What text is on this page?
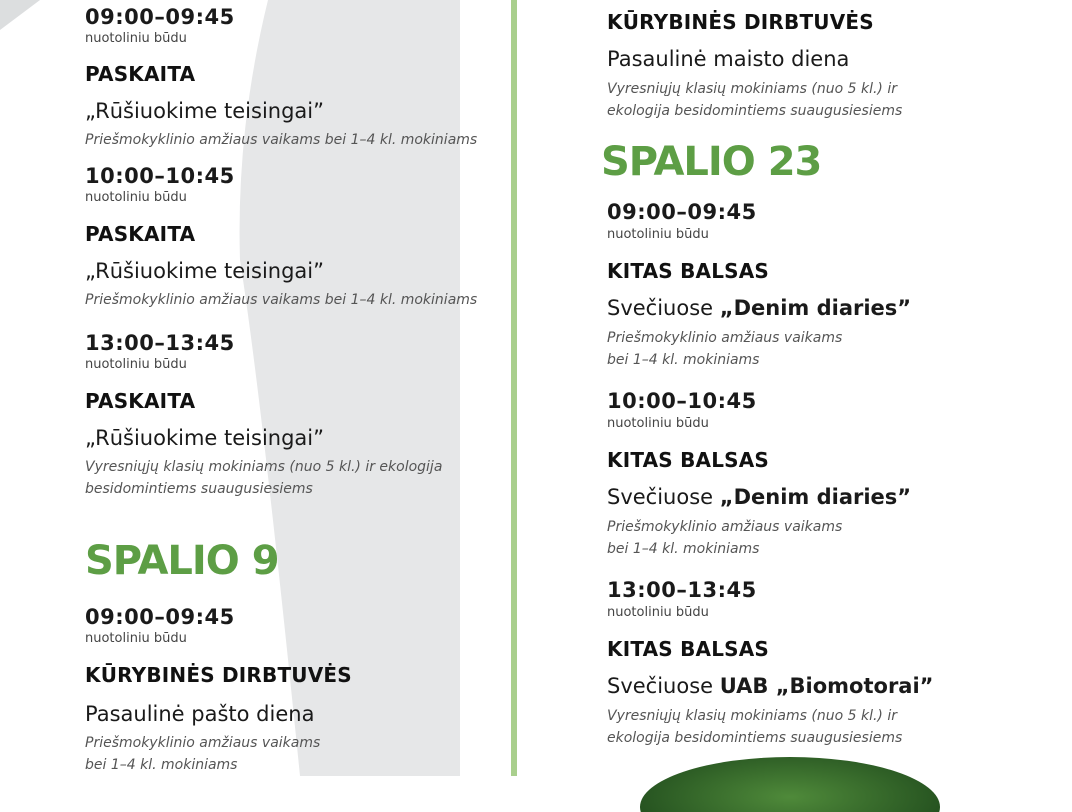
09:00–09:45

nuotoliniu būdu

PASKAITA

„Rūšiuokime teisingai”

Priešmokyklinio amžiaus vaikams bei 1–4 kl. mokiniams

10:00–10:45

nuotoliniu būdu

PASKAITA

„Rūšiuokime teisingai”

Priešmokyklinio amžiaus vaikams bei 1–4 kl. mokiniams

13:00–13:45

nuotoliniu būdu

PASKAITA

„Rūšiuokime teisingai”

Vyresniųjų klasių mokiniams (nuo 5 kl.) ir ekologija
besidomintiems suaugusiesiems

SPALIO 9

09:00–09:45

nuotoliniu būdu

KŪRYBINĖS DIRBTUVĖS

Pasaulinė pašto diena

Priešmokyklinio amžiaus vaikams
bei 1–4 kl. mokiniams

KŪRYBINĖS DIRBTUVĖS

Pasaulinė maisto diena

Vyresniųjų klasių mokiniams (nuo 5 kl.) ir
ekologija besidomintiems suaugusiesiems

SPALIO 23

09:00–09:45

nuotoliniu būdu

KITAS BALSAS

Svečiuose „Denim diaries”

Priešmokyklinio amžiaus vaikams
bei 1–4 kl. mokiniams

10:00–10:45

nuotoliniu būdu

KITAS BALSAS

Svečiuose „Denim diaries”

Priešmokyklinio amžiaus vaikams
bei 1–4 kl. mokiniams

13:00–13:45

nuotoliniu būdu

KITAS BALSAS

Svečiuose UAB „Biomotorai”

Vyresniųjų klasių mokiniams (nuo 5 kl.) ir
ekologija besidomintiems suaugusiesiems
